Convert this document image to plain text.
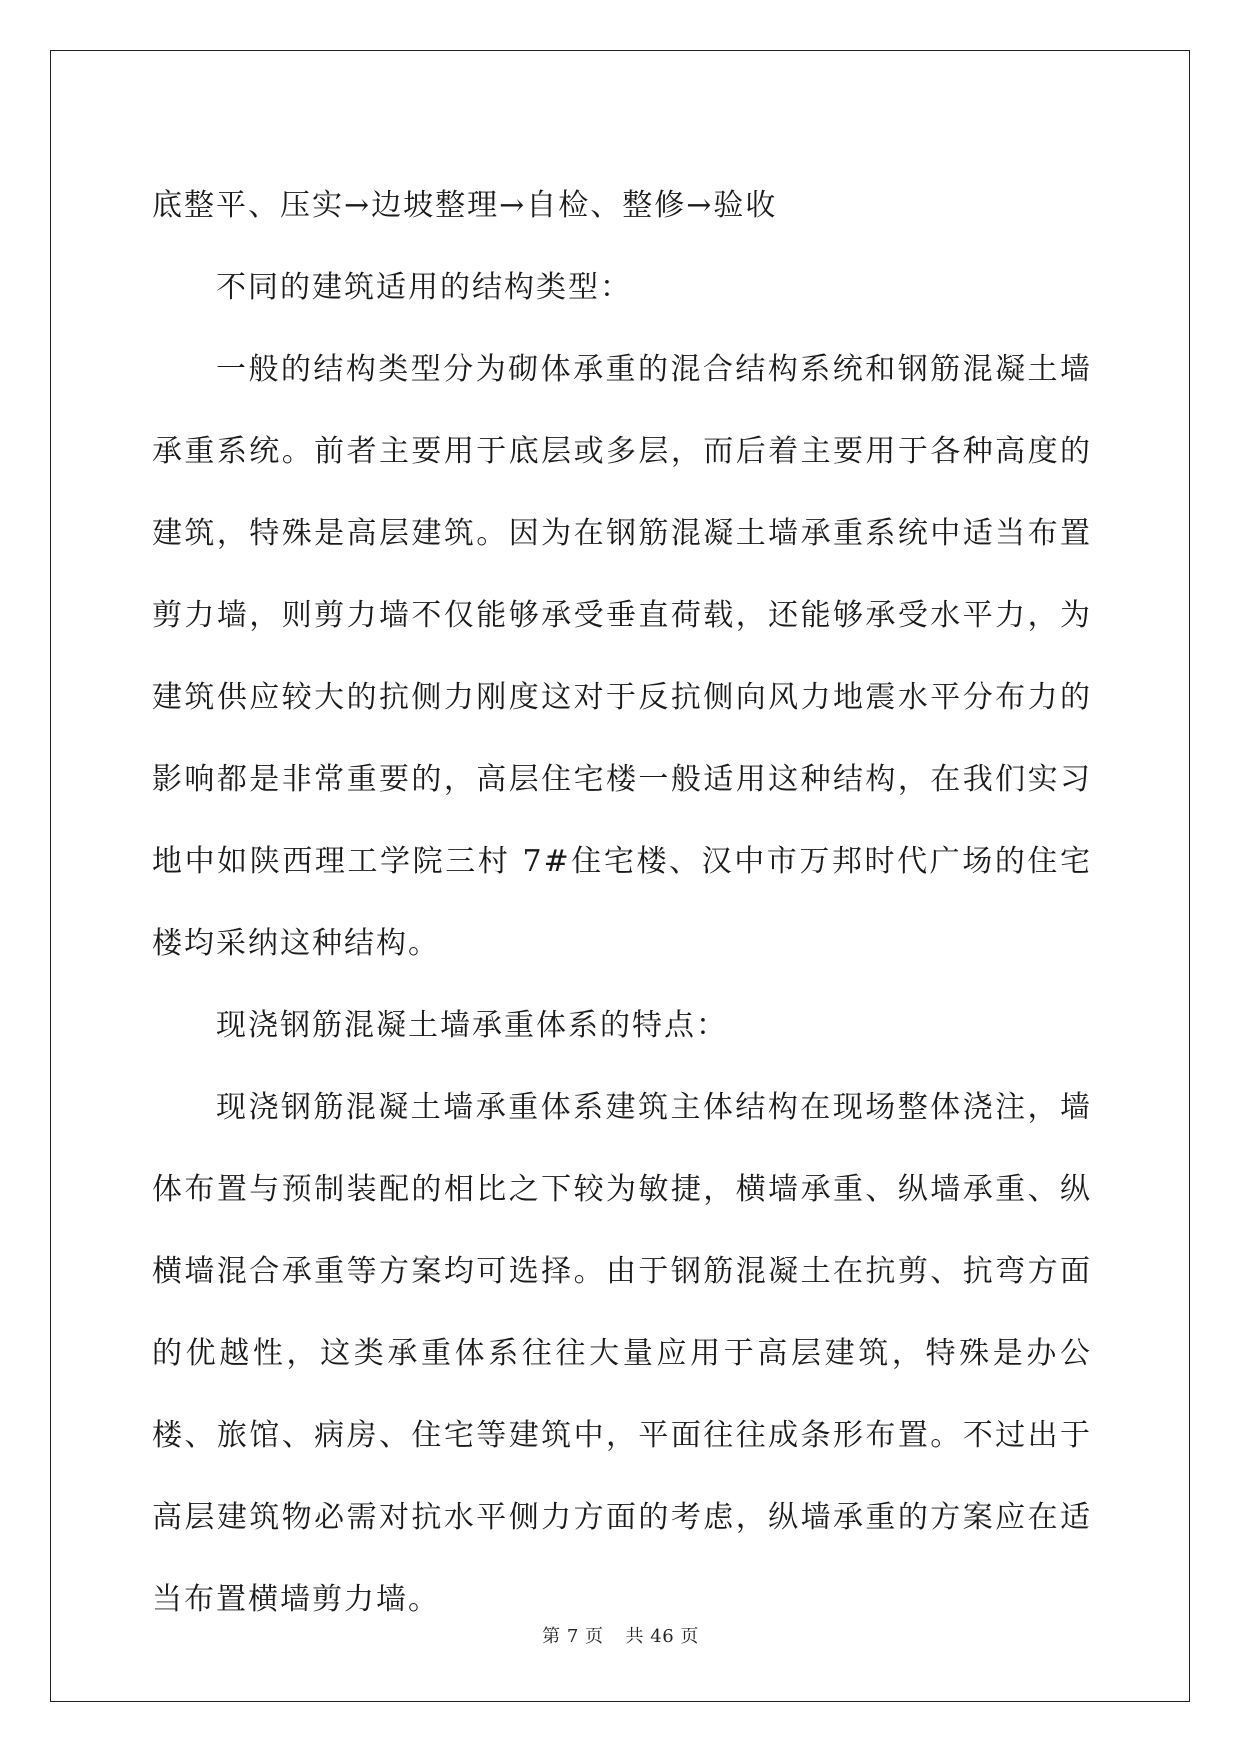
底整平、压实→边坡整理→自检、整修→验收

不同的建筑适用的结构类型：

一般的结构类型分为砌体承重的混合结构系统和钢筋混凝土墙承重系统。前者主要用于底层或多层，而后着主要用于各种高度的建筑，特殊是高层建筑。因为在钢筋混凝土墙承重系统中适当布置剪力墙，则剪力墙不仅能够承受垂直荷载，还能够承受水平力，为建筑供应较大的抗侧力刚度这对于反抗侧向风力地震水平分布力的影响都是非常重要的，高层住宅楼一般适用这种结构，在我们实习地中如陕西理工学院三村 7#住宅楼、汉中市万邦时代广场的住宅楼均采纳这种结构。

现浇钢筋混凝土墙承重体系的特点：

现浇钢筋混凝土墙承重体系建筑主体结构在现场整体浇注，墙体布置与预制装配的相比之下较为敏捷，横墙承重、纵墙承重、纵横墙混合承重等方案均可选择。由于钢筋混凝土在抗剪、抗弯方面的优越性，这类承重体系往往大量应用于高层建筑，特殊是办公楼、旅馆、病房、住宅等建筑中，平面往往成条形布置。不过出于高层建筑物必需对抗水平侧力方面的考虑，纵墙承重的方案应在适当布置横墙剪力墙。

第 7 页 共 46 页
